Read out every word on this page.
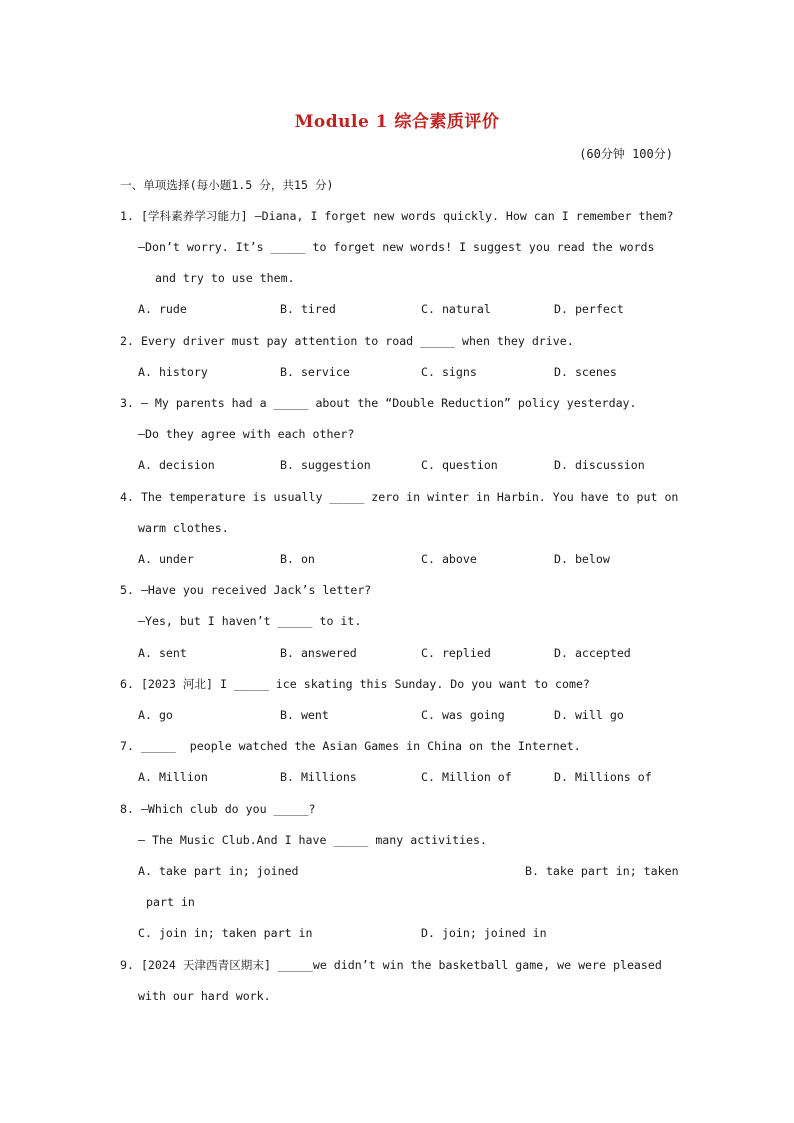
Module 1 综合素质评价
(60分钟 100分)
一、单项选择(每小题1.5 分，共15 分)
1. [学科素养学习能力] —Diana, I forget new words quickly. How can I remember them?
—Don’t worry. It’s _____ to forget new words! I suggest you read the words
and try to use them.
A. rude	B. tired	C. natural	D. perfect
2. Every driver must pay attention to road _____ when they drive.
A. history	B. service	C. signs	D. scenes
3. — My parents had a _____ about the “Double Reduction” policy yesterday.
—Do they agree with each other?
A. decision	B. suggestion	C. question	D. discussion
4. The temperature is usually _____ zero in winter in Harbin. You have to put on
warm clothes.
A. under	B. on	C. above	D. below
5. —Have you received Jack’s letter?
—Yes, but I haven’t _____ to it.
A. sent	B. answered	C. replied	D. accepted
6. [2023 河北] I _____ ice skating this Sunday. Do you want to come?
A. go	B. went	C. was going	D. will go
7. _____  people watched the Asian Games in China on the Internet.
A. Million	B. Millions	C. Million of	D. Millions of
8. —Which club do you _____?
— The Music Club.And I have _____ many activities.
A. take part in; joined	B. take part in; taken
part in
C. join in; taken part in	D. join; joined in
9. [2024 天津西青区期末] _____we didn’t win the basketball game, we were pleased
with our hard work.
